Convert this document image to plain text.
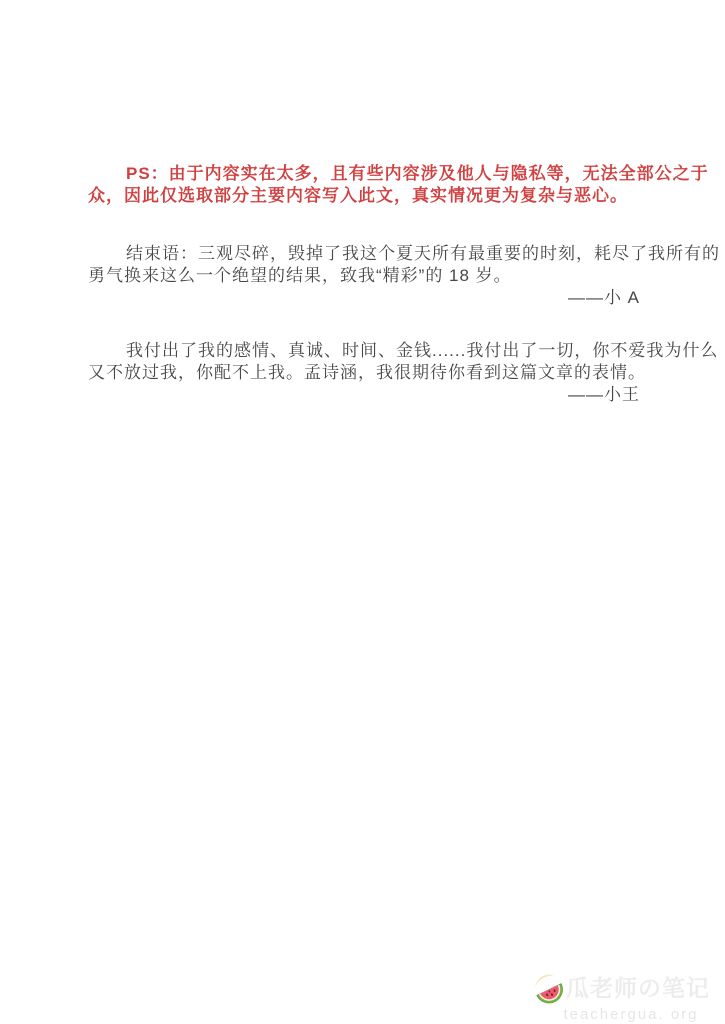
PS：由于内容实在太多，且有些内容涉及他人与隐私等，无法全部公之于
众，因此仅选取部分主要内容写入此文，真实情况更为复杂与恶心。
结束语：三观尽碎，毁掉了我这个夏天所有最重要的时刻，耗尽了我所有的
勇气换来这么一个绝望的结果，致我“精彩”的 18 岁。
——小 A
我付出了我的感情、真诚、时间、金钱......我付出了一切，你不爱我为什么
又不放过我，你配不上我。孟诗涵，我很期待你看到这篇文章的表情。
——小王
瓜老师の笔记
teachergua. org
